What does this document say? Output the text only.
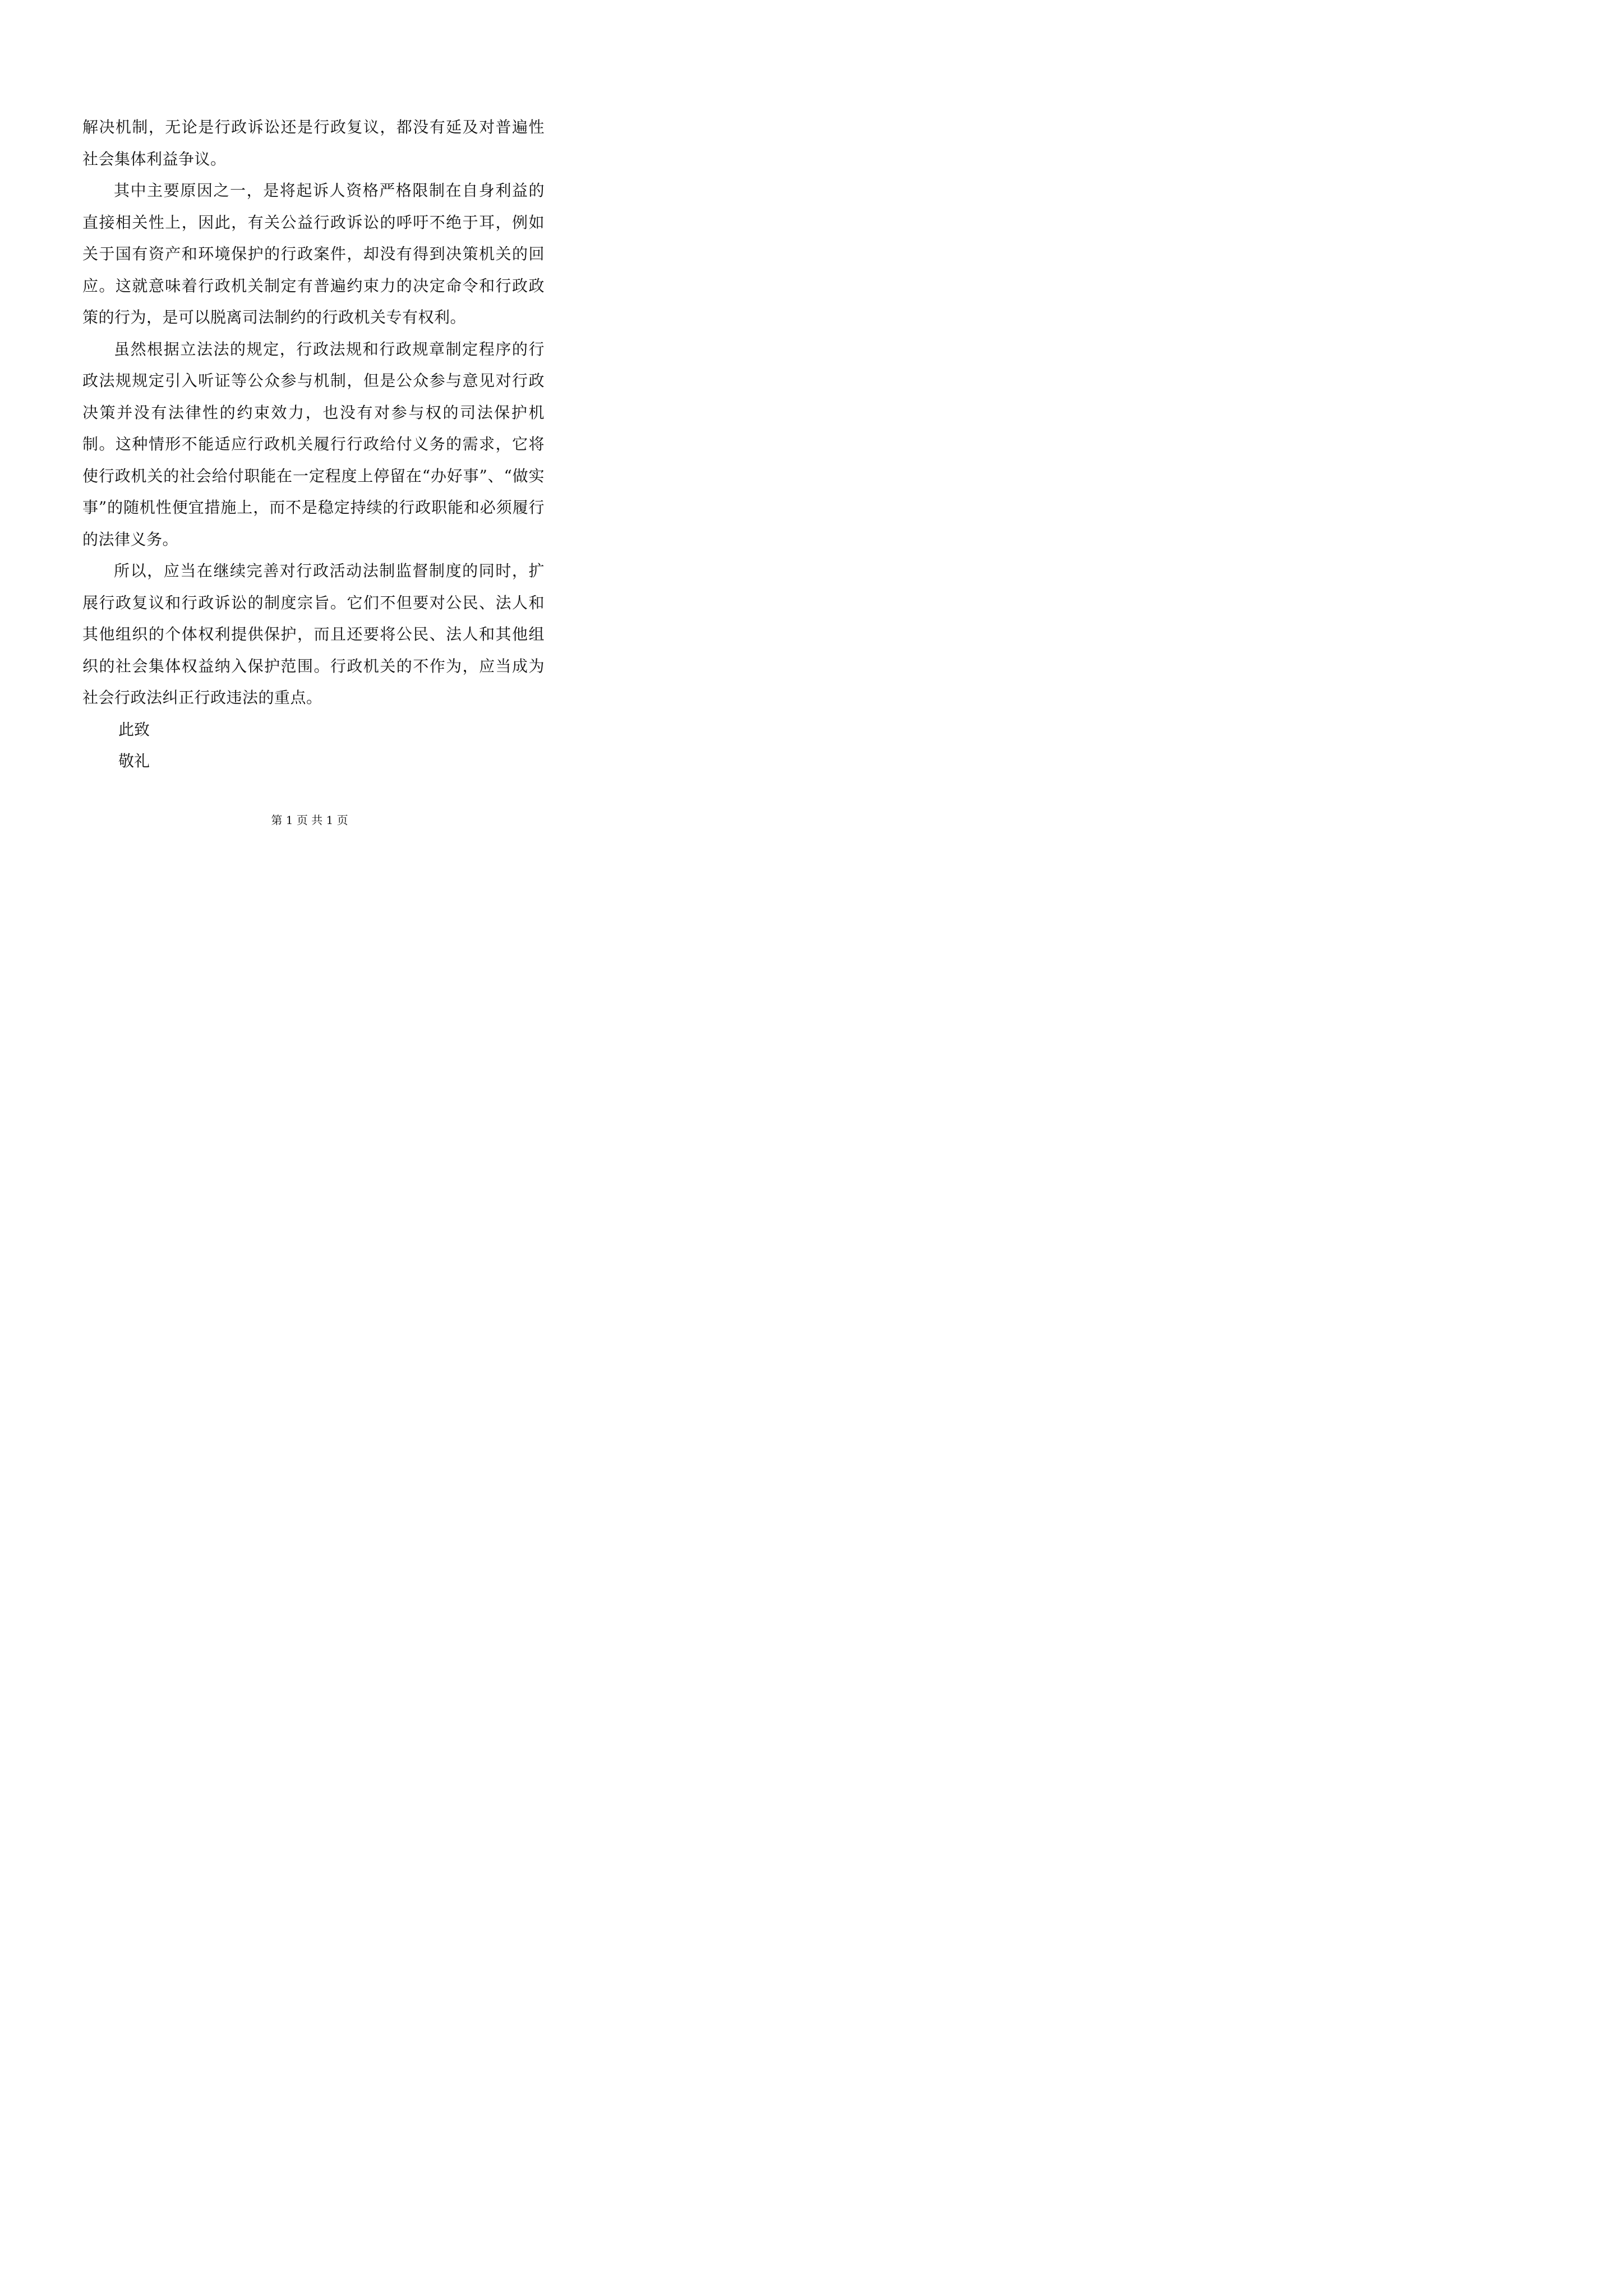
解决机制，无论是行政诉讼还是行政复议，都没有延及对普遍性社会集体利益争议。

其中主要原因之一，是将起诉人资格严格限制在自身利益的直接相关性上，因此，有关公益行政诉讼的呼吁不绝于耳，例如关于国有资产和环境保护的行政案件，却没有得到决策机关的回应。这就意味着行政机关制定有普遍约束力的决定命令和行政政策的行为，是可以脱离司法制约的行政机关专有权利。

虽然根据立法法的规定，行政法规和行政规章制定程序的行政法规规定引入听证等公众参与机制，但是公众参与意见对行政决策并没有法律性的约束效力，也没有对参与权的司法保护机制。这种情形不能适应行政机关履行行政给付义务的需求，它将使行政机关的社会给付职能在一定程度上停留在“办好事”、“做实事”的随机性便宜措施上，而不是稳定持续的行政职能和必须履行的法律义务。

所以，应当在继续完善对行政活动法制监督制度的同时，扩展行政复议和行政诉讼的制度宗旨。它们不但要对公民、法人和其他组织的个体权利提供保护，而且还要将公民、法人和其他组织的社会集体权益纳入保护范围。行政机关的不作为，应当成为社会行政法纠正行政违法的重点。

此致

敬礼

第 1 页 共 1 页
